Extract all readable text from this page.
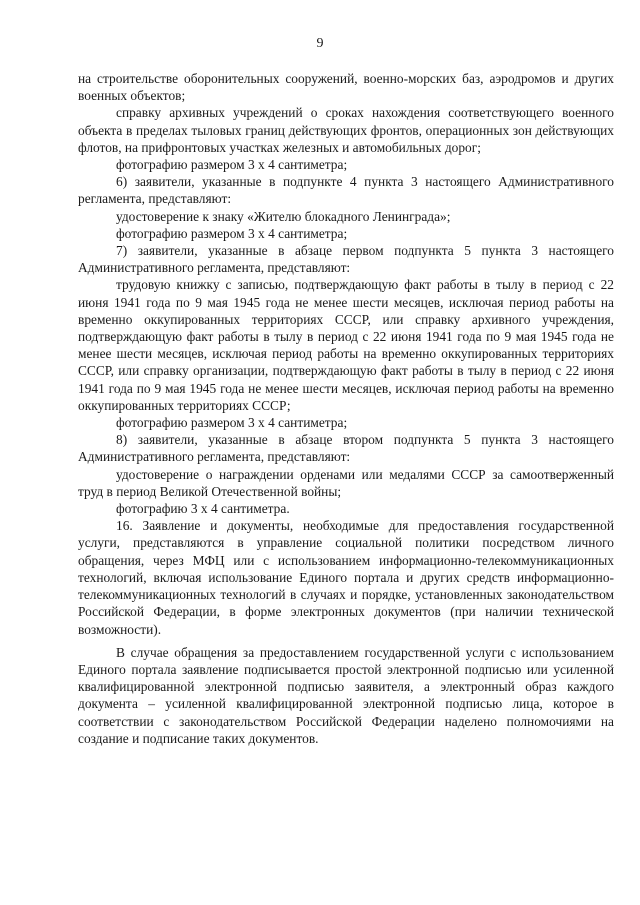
9

на строительстве оборонительных сооружений, военно-морских баз, аэродромов и других военных объектов;

справку архивных учреждений о сроках нахождения соответствующего военного объекта в пределах тыловых границ действующих фронтов, операционных зон действующих флотов, на прифронтовых участках железных и автомобильных дорог;

фотографию размером 3 х 4 сантиметра;

6) заявители, указанные в подпункте 4 пункта 3 настоящего Административного регламента, представляют:

удостоверение к знаку «Жителю блокадного Ленинграда»;

фотографию размером 3 х 4 сантиметра;

7) заявители, указанные в абзаце первом подпункта 5 пункта 3 настоящего Административного регламента, представляют:

трудовую книжку с записью, подтверждающую факт работы в тылу в период с 22 июня 1941 года по 9 мая 1945 года не менее шести месяцев, исключая период работы на временно оккупированных территориях СССР, или справку архивного учреждения, подтверждающую факт работы в тылу в период с 22 июня 1941 года по 9 мая 1945 года не менее шести месяцев, исключая период работы на временно оккупированных территориях СССР, или справку организации, подтверждающую факт работы в тылу в период с 22 июня 1941 года по 9 мая 1945 года не менее шести месяцев, исключая период работы на временно оккупированных территориях СССР;

фотографию размером 3 х 4 сантиметра;

8) заявители, указанные в абзаце втором подпункта 5 пункта 3 настоящего Административного регламента, представляют:

удостоверение о награждении орденами или медалями СССР за самоотверженный труд в период Великой Отечественной войны;

фотографию 3 х 4 сантиметра.

16. Заявление и документы, необходимые для предоставления государственной услуги, представляются в управление социальной политики посредством личного обращения, через МФЦ или с использованием информационно-телекоммуникационных технологий, включая использование Единого портала и других средств информационно-телекоммуникационных технологий в случаях и порядке, установленных законодательством Российской Федерации, в форме электронных документов (при наличии технической возможности).

В случае обращения за предоставлением государственной услуги с использованием Единого портала заявление подписывается простой электронной подписью или усиленной квалифицированной электронной подписью заявителя, а электронный образ каждого документа – усиленной квалифицированной электронной подписью лица, которое в соответствии с законодательством Российской Федерации наделено полномочиями на создание и подписание таких документов.
